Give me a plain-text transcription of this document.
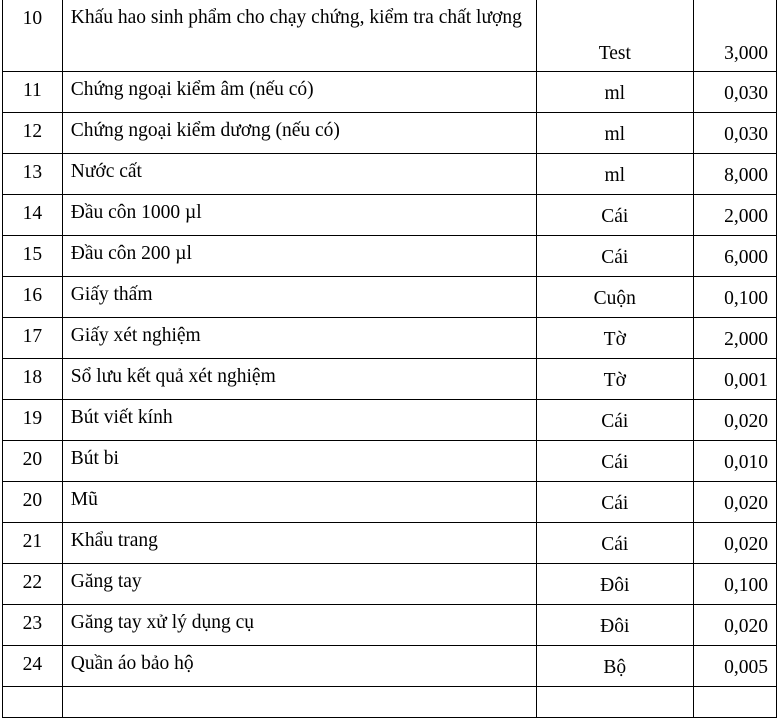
10	Khấu hao sinh phẩm cho chạy chứng, kiểm tra chất lượng	Test	3,000
11	Chứng ngoại kiểm âm (nếu có)	ml	0,030
12	Chứng ngoại kiểm dương (nếu có)	ml	0,030
13	Nước cất	ml	8,000
14	Đầu côn 1000 µl	Cái	2,000
15	Đầu côn 200 µl	Cái	6,000
16	Giấy thấm	Cuộn	0,100
17	Giấy xét nghiệm	Tờ	2,000
18	Sổ lưu kết quả xét nghiệm	Tờ	0,001
19	Bút viết kính	Cái	0,020
20	Bút bi	Cái	0,010
20	Mũ	Cái	0,020
21	Khẩu trang	Cái	0,020
22	Găng tay	Đôi	0,100
23	Găng tay xử lý dụng cụ	Đôi	0,020
24	Quần áo bảo hộ	Bộ	0,005
